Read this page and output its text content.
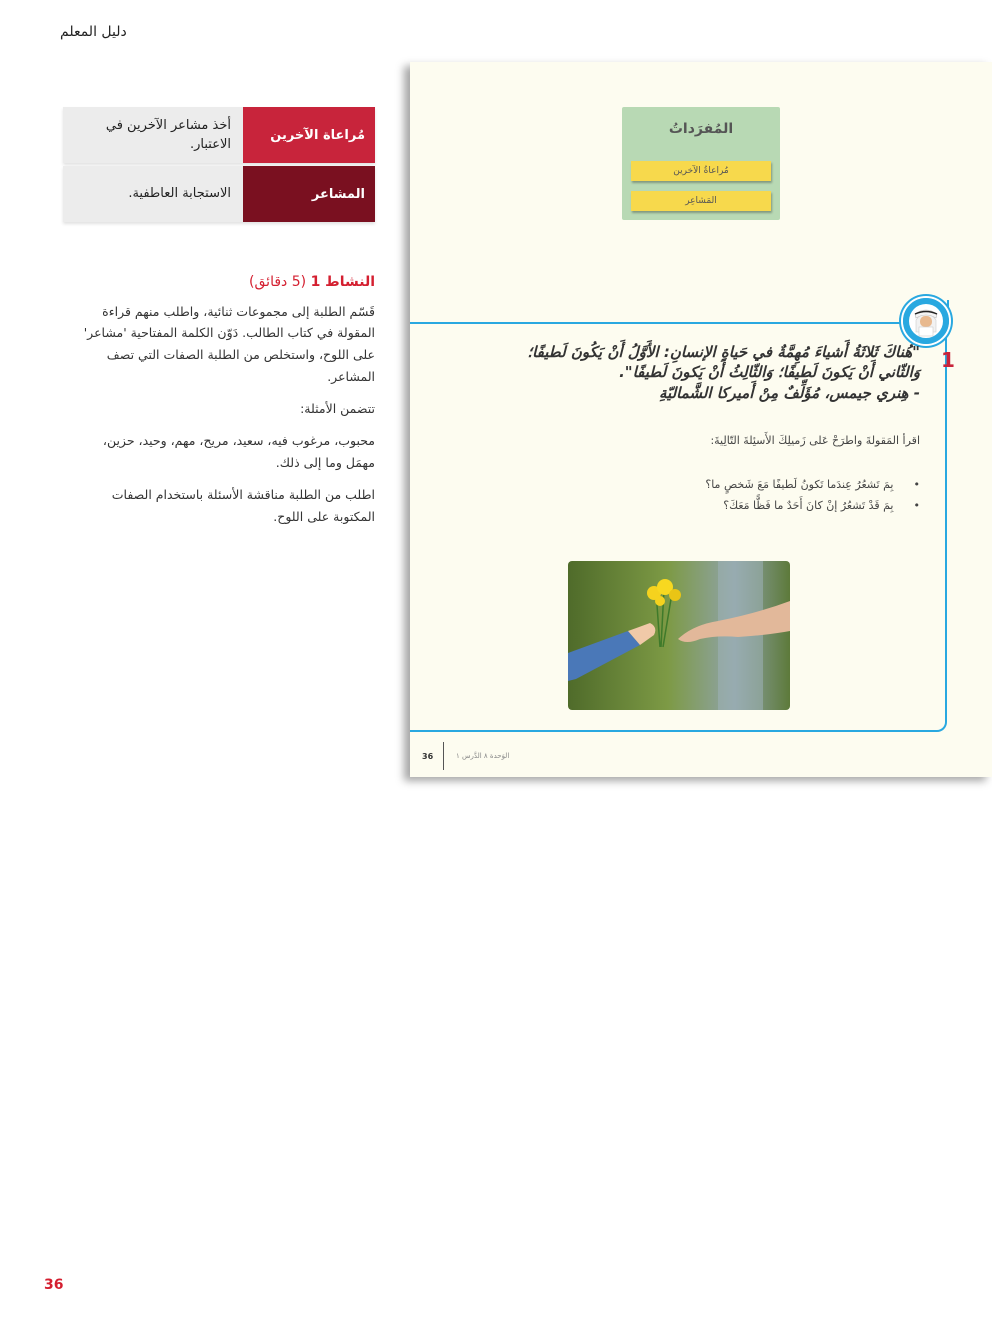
دليل المعلم
أخذ مشاعر الآخرين في الاعتبار.
مُراعاة الآخرين
الاستجابة العاطفية.	المشاعر
النشاط 1 (5 دقائق)

قَسّم الطلبة إلى مجموعات ثنائية، واطلب منهم قراءة المقولة في كتاب الطالب. دَوّن الكلمة المفتاحية 'مشاعر' على اللوح، واستخلص من الطلبة الصفات التي تصف المشاعر.

تتضمن الأمثلة:

محبوب، مرغوب فيه، سعيد، مريح، مهم، وحيد، حزين، مهمَل وما إلى ذلك.

اطلب من الطلبة مناقشة الأسئلة باستخدام الصفات المكتوبة على اللوح.

المُفرَداتُ
مُراعاةُ الآخرين
المَشاعِر
1
"هُناكَ ثَلاثَةُ أَشياءَ مُهِمَّةٌ في حَياةِ الإنسانِ: الأَوَّلُ أَنْ يَكُونَ لَطيفًا؛
وَالثّاني أَنْ يَكونَ لَطيفًا؛ وَالثّالِثُ أَنْ يَكونَ لَطيفًا".
- هِنري جيمس، مُؤَلِّفٌ مِنْ أَميركا الشَّماليّةِ
اقرأ المَقولةَ واطرَحْ عَلى زَميلِكَ الأَسئِلةَ التّالِيةَ:
• بِمَ تَشعُرُ عِندَما تَكونُ لَطيفًا مَعَ شَخصٍ ما؟
• بِمَ قَدْ تَشعُرُ إنْ كانَ أَحَدٌ ما فَظًّا مَعَكَ؟
36	الوَحدة ٨ الدَّرس ١
36
